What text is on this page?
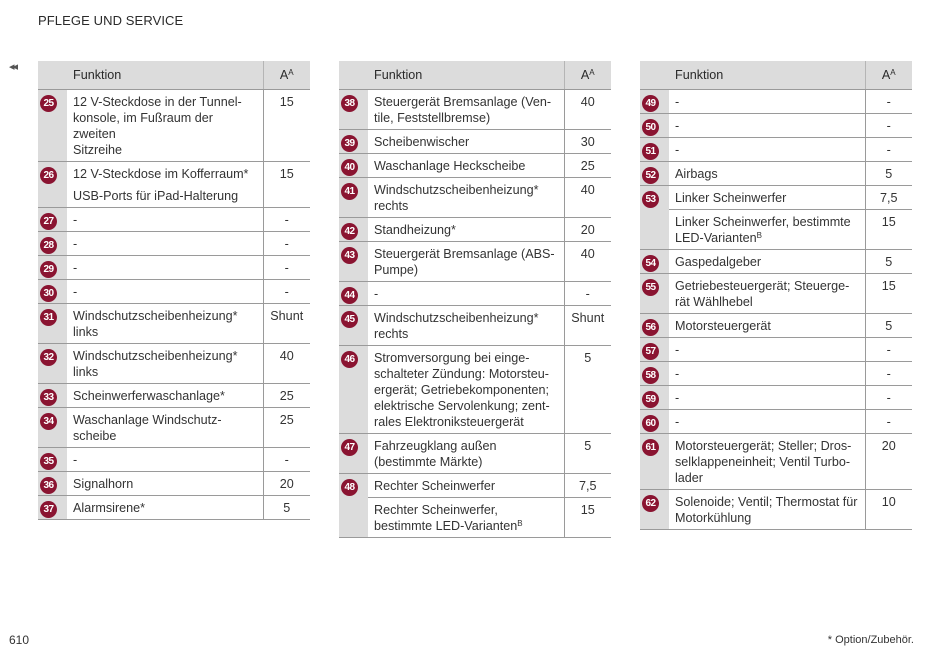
PFLEGE UND SERVICE
◂◂
	Funktion	$A^A$
25	12 V-Steckdose in der Tunnel-
konsole, im Fußraum der zweiten
Sitzreihe	15
26	12 V-Steckdose im Kofferraum*
USB-Ports für iPad-Halterung	15
27	-	-
28	-	-
29	-	-
30	-	-
31	Windschutzscheibenheizung*
links	Shunt
32	Windschutzscheibenheizung*
links	40
33	Scheinwerferwaschanlage*	25
34	Waschanlage Windschutz-
scheibe	25
35	-	-
36	Signalhorn	20
37	Alarmsirene*	5
	Funktion	$A^A$
38	Steuergerät Bremsanlage (Ven-
tile, Feststellbremse)	40
39	Scheibenwischer	30
40	Waschanlage Heckscheibe	25
41	Windschutzscheibenheizung*
rechts	40
42	Standheizung*	20
43	Steuergerät Bremsanlage (ABS-
Pumpe)	40
44	-	-
45	Windschutzscheibenheizung*
rechts	Shunt
46	Stromversorgung bei einge-
schalteter Zündung: Motorsteu-
ergerät; Getriebekomponenten;
elektrische Servolenkung; zent-
rales Elektroniksteuergerät	5
47	Fahrzeugklang außen
(bestimmte Märkte)	5
48	Rechter Scheinwerfer	7,5

	Rechter Scheinwerfer,
bestimmte LED-Varianten$^B$	15
	Funktion	$A^A$
49	-	-
50	-	-
51	-	-
52	Airbags	5
53	Linker Scheinwerfer	7,5

	Linker Scheinwerfer, bestimmte
LED-Varianten$^B$	15
54	Gaspedalgeber	5
55	Getriebesteuergerät; Steuerge-
rät Wählhebel	15
56	Motorsteuergerät	5
57	-	-
58	-	-
59	-	-
60	-	-
61	Motorsteuergerät; Steller; Dros-
selklappeneinheit; Ventil Turbo-
lader	20
62	Solenoide; Ventil; Thermostat für
Motorkühlung	10
610	* Option/Zubehör.
